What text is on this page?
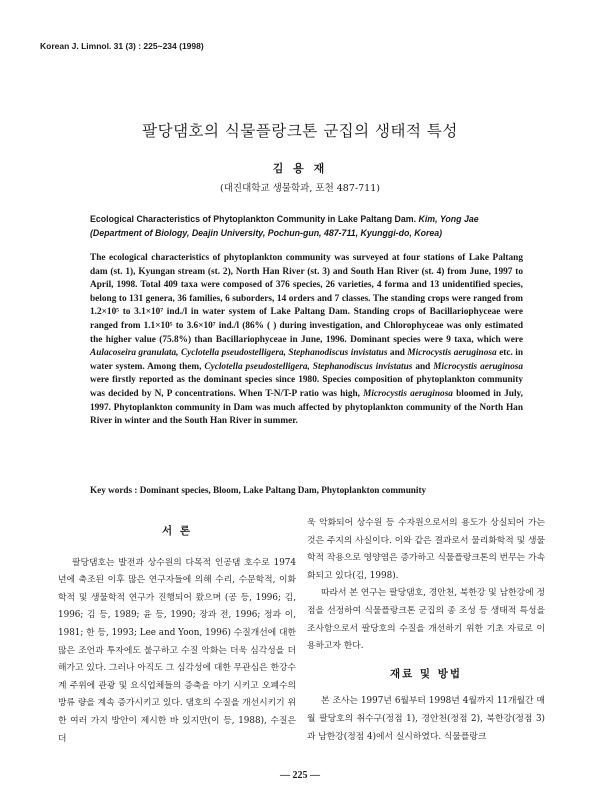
Korean J. Limnol. 31 (3) : 225~234 (1998)
팔당댐호의 식물플랑크톤 군집의 생태적 특성
김 용 재
(대진대학교 생물학과, 포천 487-711)
Ecological Characteristics of Phytoplankton Community in Lake Paltang Dam. Kim, Yong Jae (Department of Biology, Deajin University, Pochun-gun, 487-711, Kyunggi-do, Korea)

The ecological characteristics of phytoplankton community was surveyed at four stations of Lake Paltang dam (st. 1), Kyungan stream (st. 2), North Han River (st. 3) and South Han River (st. 4) from June, 1997 to April, 1998. Total 409 taxa were composed of 376 species, 26 varieties, 4 forma and 13 unidentified species, belong to 131 genera, 36 families, 6 suborders, 14 orders and 7 classes. The standing crops were ranged from 1.2×10⁵ to 3.1×10⁷ ind./l in water system of Lake Paltang Dam. Standing crops of Bacillariophyceae were ranged from 1.1×10⁵ to 3.6×10⁷ ind./l (86% ( ) during investigation, and Chlorophyceae was only estimated the higher value (75.8%) than Bacillariophyceae in June, 1996. Dominant species were 9 taxa, which were Aulacoseira granulata, Cyclotella pseudostelligera, Stephanodiscus invistatus and Microcystis aeruginosa etc. in water system. Among them, Cyclotella pseudostelligera, Stephanodiscus invistatus and Microcystis aeruginosa were firstly reported as the dominant species since 1980. Species composition of phytoplankton community was decided by N, P concentrations. When T-N/T-P ratio was high, Microcystis aeruginosa bloomed in July, 1997. Phytoplankton community in Dam was much affected by phytoplankton community of the North Han River in winter and the South Han River in summer.

Key words : Dominant species, Bloom, Lake Paltang Dam, Phytoplankton community
서 론

팔당댐호는 발전과 상수원의 다목적 인공댐 호수로 1974년에 축조된 이후 많은 연구자들에 의해 수리, 수문학적, 이화학적 및 생물학적 연구가 진행되어 왔으며 (공 등, 1996; 김, 1996; 김 등, 1989; 윤 등, 1990; 장과 전, 1996; 정과 이, 1981; 한 등, 1993; Lee and Yoon, 1996) 수질개선에 대한 많은 조언과 투자에도 불구하고 수질 악화는 더욱 심각성을 더해가고 있다. 그러나 아직도 그 심각성에 대한 무관심은 한강수계 주위에 관광 및 요식업체들의 증축을 야기 시키고 오폐수의 방류 량을 계속 증가시키고 있다. 댐호의 수질을 개선시키기 위한 여러 가지 방안이 제시한 바 있지만(이 등, 1988), 수질은 더

욱 악화되어 상수원 등 수자원으로서의 용도가 상실되어 가는 것은 주지의 사실이다. 이와 같은 결과로서 물리화학적 및 생물학적 작용으로 영양염은 증가하고 식물플랑크톤의 번무는 가속화되고 있다(김, 1998).

따라서 본 연구는 팔당댐호, 경안천, 북한강 및 남한강에 정점을 선정하여 식물플랑크톤 군집의 종 조성 등 생태적 특성을 조사함으로서 팔당호의 수질을 개선하기 위한 기초 자료로 이용하고자 한다.

재료 및 방법

본 조사는 1997년 6월부터 1998년 4월까지 11개월간 매월 팔당호의 취수구(정점 1), 경안천(정점 2), 북한강(정점 3)과 남한강(정점 4)에서 실시하였다. 식물플랑크

— 225 —
